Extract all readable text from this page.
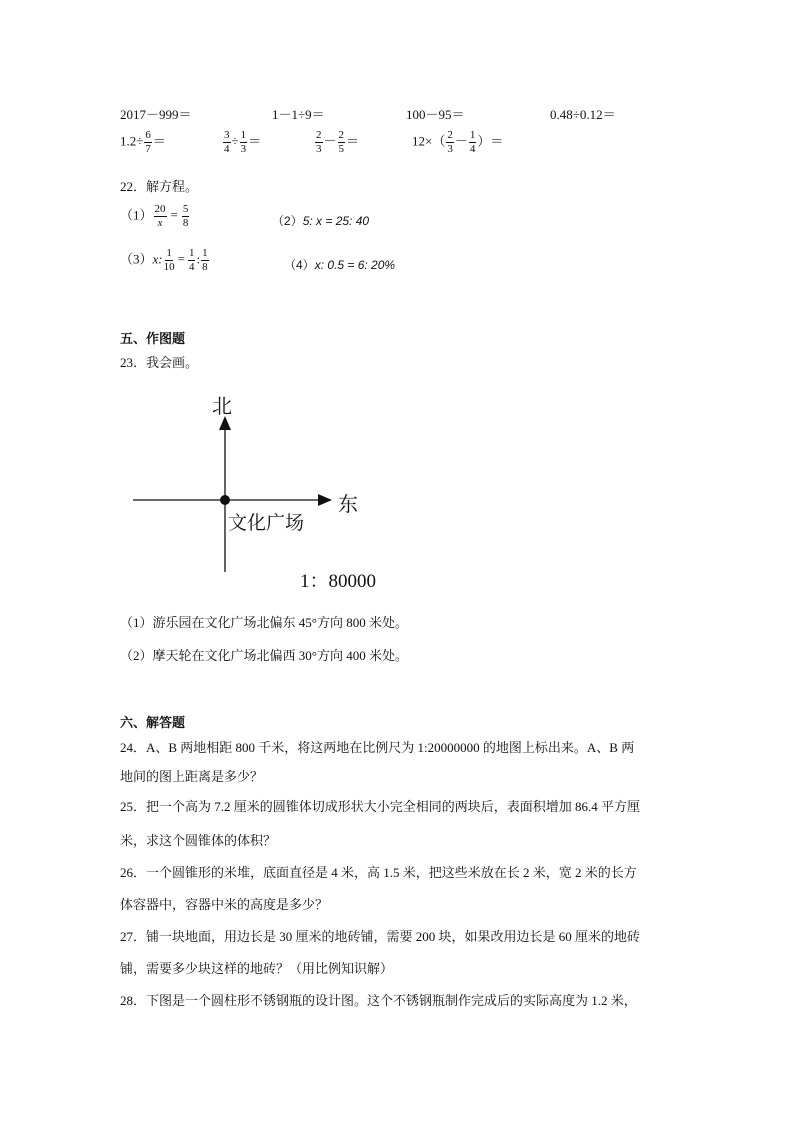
2017－999＝	1－1÷9＝	100－95＝	0.48÷0.12＝
$1.2\div \frac{6}{7}$ ＝	$\frac{3}{4} \div \frac{1}{3}$ ＝	$\frac{2}{3} - \frac{2}{5}$ ＝	$12\times( \frac{2}{3} - \frac{1}{4}$ ）＝
22．解方程。
$(1) \frac{20}{x} = \frac{5}{8}$	（2）5: x = 25: 40
（3）x: $\frac{1}{10} = \frac{1}{4}$ : $\frac{1}{8}$	（4）x: 0.5 = 6: 20%
五、作图题
23．我会画。
北
东
文化广场
1：80000
（1）游乐园在文化广场北偏东 45°方向 800 米处。
（2）摩天轮在文化广场北偏西 30°方向 400 米处。
六、解答题
24．A、B 两地相距 800 千米，将这两地在比例尺为 1:20000000 的地图上标出来。A、B 两
地间的图上距离是多少？
25．把一个高为 7.2 厘米的圆锥体切成形状大小完全相同的两块后，表面积增加 86.4 平方厘
米，求这个圆锥体的体积？
26．一个圆锥形的米堆，底面直径是 4 米，高 1.5 米，把这些米放在长 2 米，宽 2 米的长方
体容器中，容器中米的高度是多少？
27．铺一块地面，用边长是 30 厘米的地砖铺，需要 200 块，如果改用边长是 60 厘米的地砖
铺，需要多少块这样的地砖？（用比例知识解）
28．下图是一个圆柱形不锈钢瓶的设计图。这个不锈钢瓶制作完成后的实际高度为 1.2 米，
